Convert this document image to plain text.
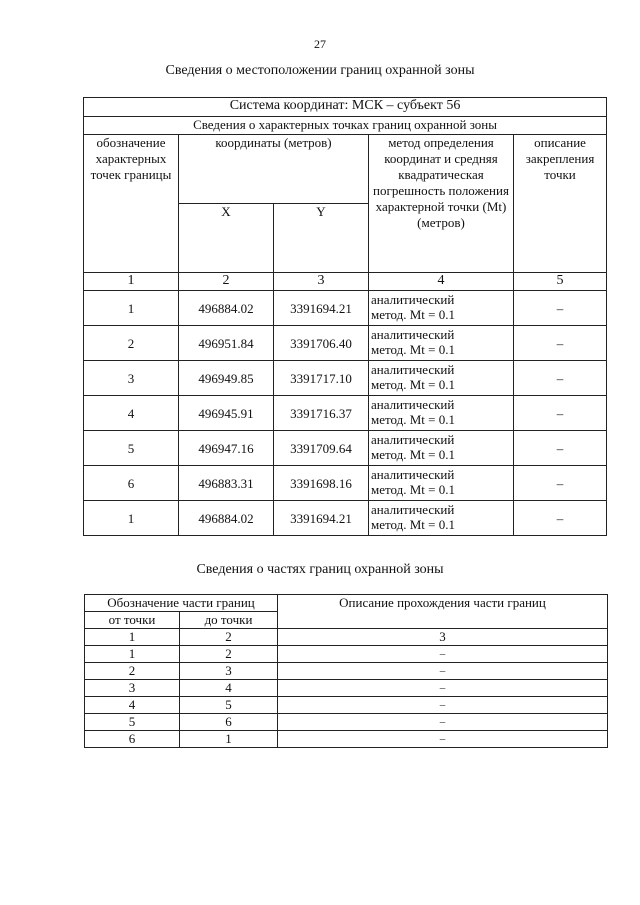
27
Сведения о местоположении границ охранной зоны
Система координат: МСК – субъект 56				
Сведения о характерных точках границ охранной зоны				
обозначение характерных точек границы	координаты (метров)		метод определения координат и средняя квадратическая погрешность положения характерной точки (Mt) (метров)	описание закрепления точки
	X	Y		
1	2	3	4	5
1	496884.02	3391694.21	аналитический
метод. Mt = 0.1	–
2	496951.84	3391706.40	аналитический
метод. Mt = 0.1	–
3	496949.85	3391717.10	аналитический
метод. Mt = 0.1	–
4	496945.91	3391716.37	аналитический
метод. Mt = 0.1	–
5	496947.16	3391709.64	аналитический
метод. Mt = 0.1	–
6	496883.31	3391698.16	аналитический
метод. Mt = 0.1	–
1	496884.02	3391694.21	аналитический
метод. Mt = 0.1	–
Сведения о частях границ охранной зоны
Обозначение части границ		Описание прохождения части границ
от точки	до точки	
1	2	3
1	2	–
2	3	–
3	4	–
4	5	–
5	6	–
6	1	–
